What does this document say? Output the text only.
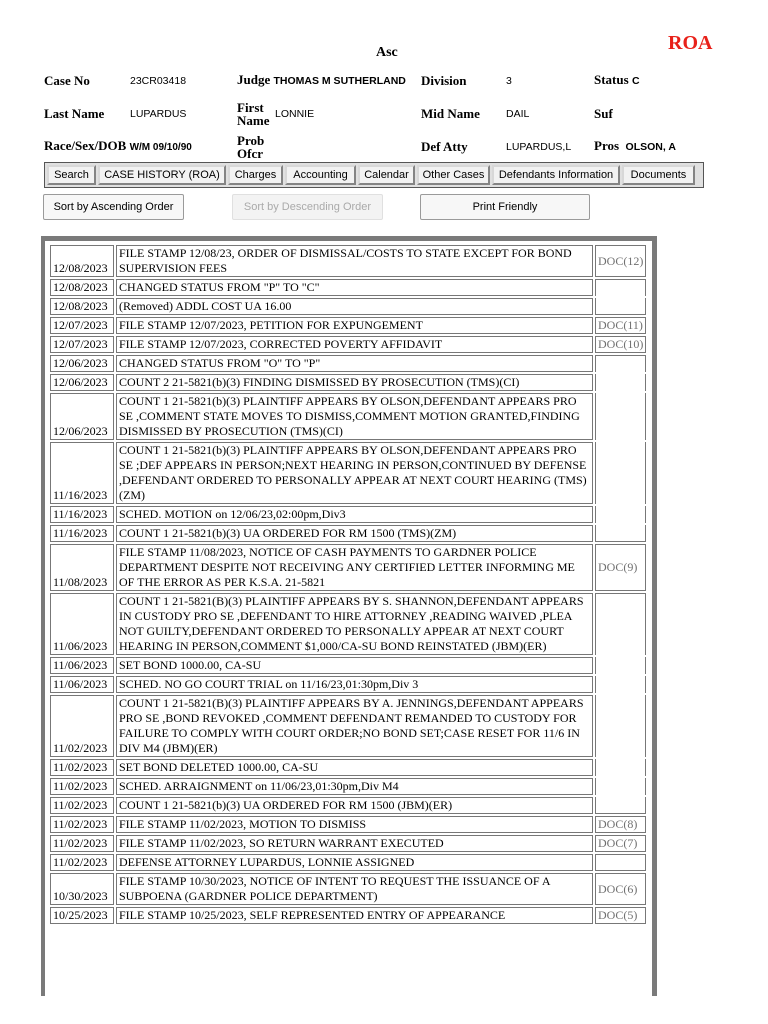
ROA
Asc
Case No	23CR03418	Judge THOMAS M SUTHERLAND		Division	3	Status C	
Last Name	LUPARDUS	First
Name	LONNIE	Mid Name	DAIL	Suf	
Race/Sex/DOB W/M 09/10/90		Prob
Ofcr		Def Atty	LUPARDUS,L	Pros OLSON, A	
Search	CASE HISTORY (ROA)	Charges	Accounting	Calendar	Other Cases	Defendants Information	Documents
Sort by Ascending Order	Sort by Descending Order	Print Friendly
12/08/2023	FILE STAMP 12/08/23, ORDER OF DISMISSAL/COSTS TO STATE EXCEPT FOR BOND SUPERVISION FEES	DOC(12)
12/08/2023	CHANGED STATUS FROM "P" TO "C"	
12/08/2023	(Removed) ADDL COST UA 16.00	
12/07/2023	FILE STAMP 12/07/2023, PETITION FOR EXPUNGEMENT	DOC(11)
12/07/2023	FILE STAMP 12/07/2023, CORRECTED POVERTY AFFIDAVIT	DOC(10)
12/06/2023	CHANGED STATUS FROM "O" TO "P"	
12/06/2023	COUNT 2 21-5821(b)(3) FINDING DISMISSED BY PROSECUTION (TMS)(CI)	
12/06/2023	COUNT 1 21-5821(b)(3) PLAINTIFF APPEARS BY OLSON,DEFENDANT APPEARS PRO SE ,COMMENT STATE MOVES TO DISMISS,COMMENT MOTION GRANTED,FINDING DISMISSED BY PROSECUTION (TMS)(CI)	
11/16/2023	COUNT 1 21-5821(b)(3) PLAINTIFF APPEARS BY OLSON,DEFENDANT APPEARS PRO SE ;DEF APPEARS IN PERSON;NEXT HEARING IN PERSON,CONTINUED BY DEFENSE ,DEFENDANT ORDERED TO PERSONALLY APPEAR AT NEXT COURT HEARING (TMS)(ZM)	
11/16/2023	SCHED. MOTION on 12/06/23,02:00pm,Div3	
11/16/2023	COUNT 1 21-5821(b)(3) UA ORDERED FOR RM 1500 (TMS)(ZM)	
11/08/2023	FILE STAMP 11/08/2023, NOTICE OF CASH PAYMENTS TO GARDNER POLICE DEPARTMENT DESPITE NOT RECEIVING ANY CERTIFIED LETTER INFORMING ME OF THE ERROR AS PER K.S.A. 21-5821	DOC(9)
11/06/2023	COUNT 1 21-5821(B)(3) PLAINTIFF APPEARS BY S. SHANNON,DEFENDANT APPEARS IN CUSTODY PRO SE ,DEFENDANT TO HIRE ATTORNEY ,READING WAIVED ,PLEA NOT GUILTY,DEFENDANT ORDERED TO PERSONALLY APPEAR AT NEXT COURT HEARING IN PERSON,COMMENT $1,000/CA-SU BOND REINSTATED (JBM)(ER)	
11/06/2023	SET BOND 1000.00, CA-SU	
11/06/2023	SCHED. NO GO COURT TRIAL on 11/16/23,01:30pm,Div 3	
11/02/2023	COUNT 1 21-5821(B)(3) PLAINTIFF APPEARS BY A. JENNINGS,DEFENDANT APPEARS PRO SE ,BOND REVOKED ,COMMENT DEFENDANT REMANDED TO CUSTODY FOR FAILURE TO COMPLY WITH COURT ORDER;NO BOND SET;CASE RESET FOR 11/6 IN DIV M4 (JBM)(ER)	
11/02/2023	SET BOND DELETED 1000.00, CA-SU	
11/02/2023	SCHED. ARRAIGNMENT on 11/06/23,01:30pm,Div M4	
11/02/2023	COUNT 1 21-5821(b)(3) UA ORDERED FOR RM 1500 (JBM)(ER)	
11/02/2023	FILE STAMP 11/02/2023, MOTION TO DISMISS	DOC(8)
11/02/2023	FILE STAMP 11/02/2023, SO RETURN WARRANT EXECUTED	DOC(7)
11/02/2023	DEFENSE ATTORNEY LUPARDUS, LONNIE ASSIGNED	
10/30/2023	FILE STAMP 10/30/2023, NOTICE OF INTENT TO REQUEST THE ISSUANCE OF A SUBPOENA (GARDNER POLICE DEPARTMENT)	DOC(6)
10/25/2023	FILE STAMP 10/25/2023, SELF REPRESENTED ENTRY OF APPEARANCE	DOC(5)
